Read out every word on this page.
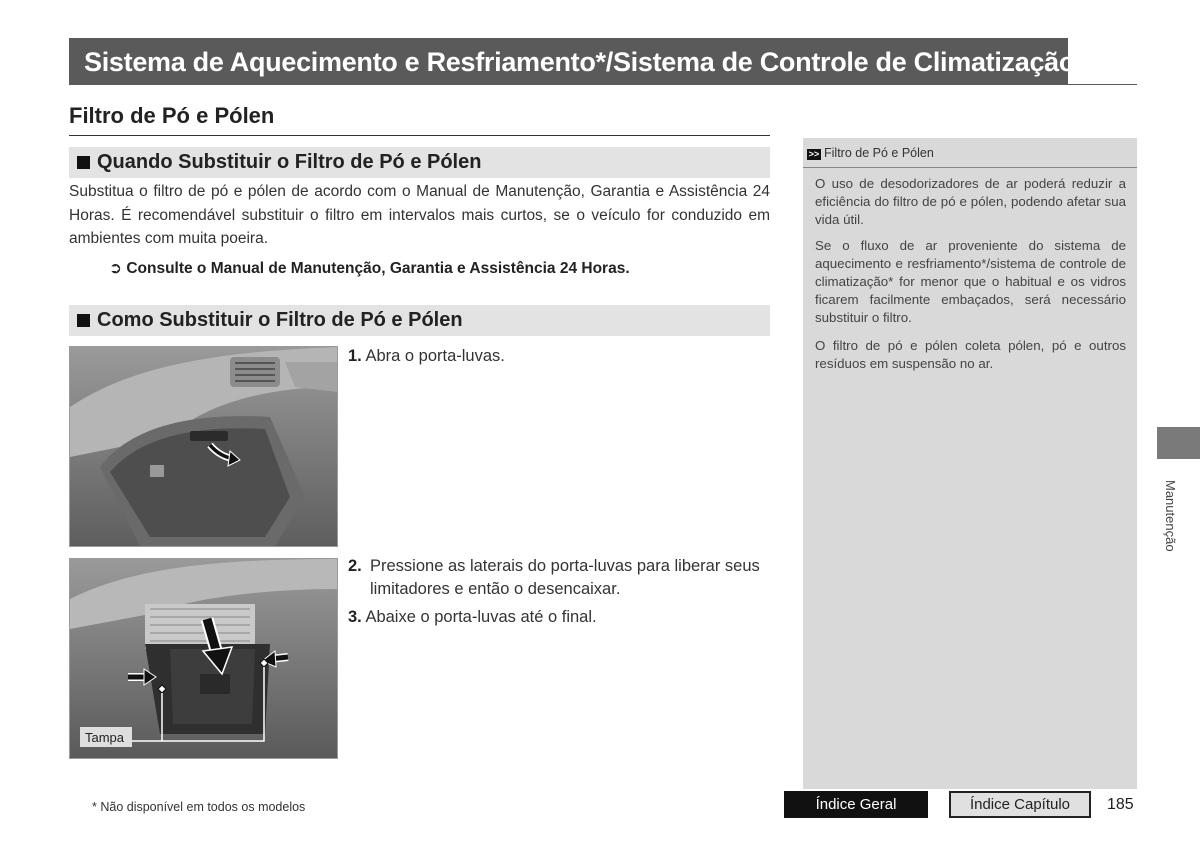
Sistema de Aquecimento e Resfriamento*/Sistema de Controle de Climatização*
Filtro de Pó e Pólen
Quando Substituir o Filtro de Pó e Pólen
Substitua o filtro de pó e pólen de acordo com o Manual de Manutenção, Garantia e Assistência 24 Horas. É recomendável substituir o filtro em intervalos mais curtos, se o veículo for conduzido em ambientes com muita poeira.
➲ Consulte o Manual de Manutenção, Garantia e Assistência 24 Horas.
Como Substituir o Filtro de Pó e Pólen
1. Abra o porta-luvas.
Tampa
2. Pressione as laterais do porta-luvas para liberar seus limitadores e então o desencaixar.
3. Abaixe o porta-luvas até o final.
>> Filtro de Pó e Pólen
O uso de desodorizadores de ar poderá reduzir a eficiência do filtro de pó e pólen, podendo afetar sua vida útil.
Se o fluxo de ar proveniente do sistema de aquecimento e resfriamento*/sistema de controle de climatização* for menor que o habitual e os vidros ficarem facilmente embaçados, será necessário substituir o filtro.
O filtro de pó e pólen coleta pólen, pó e outros resíduos em suspensão no ar.
Manutenção
* Não disponível em todos os modelos	Índice Geral	Índice Capítulo	185
